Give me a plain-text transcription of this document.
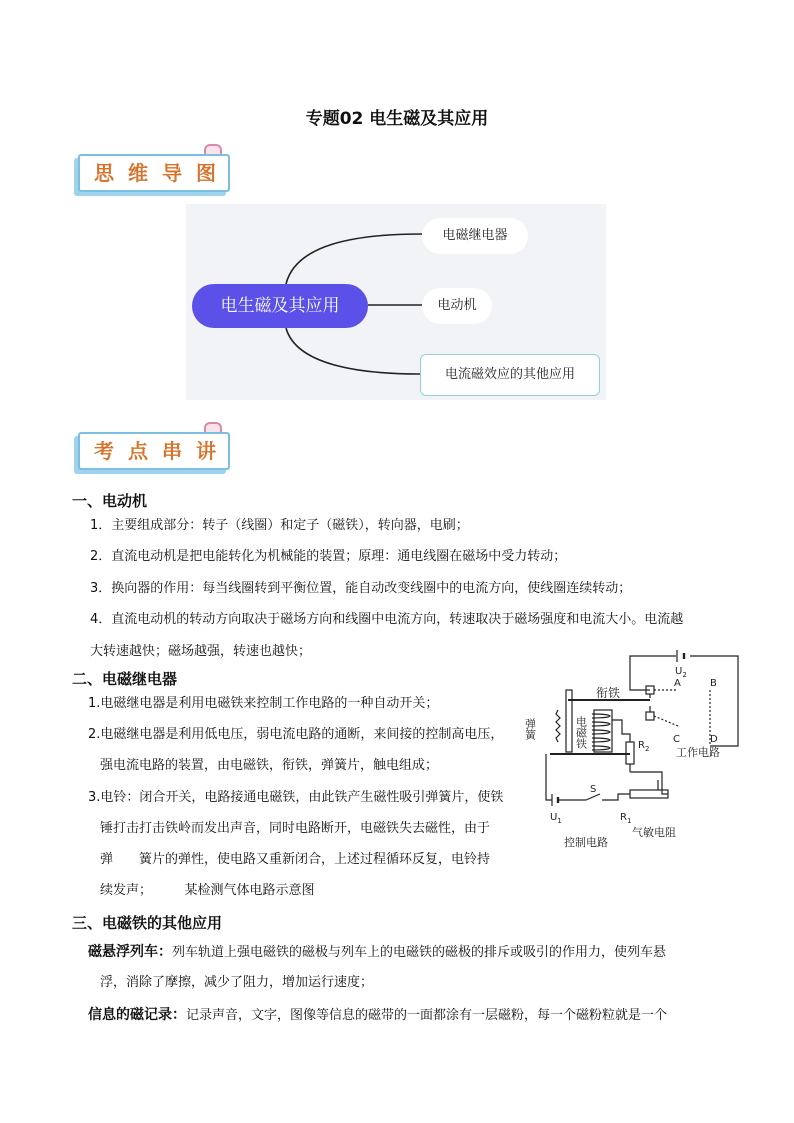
专题02 电生磁及其应用
思维导图
电生磁及其应用
电磁继电器
电动机
电流磁效应的其他应用
考点串讲
一、电动机
1．主要组成部分：转子（线圈）和定子（磁铁），转向器，电刷；
2．直流电动机是把电能转化为机械能的装置；原理：通电线圈在磁场中受力转动；
3．换向器的作用：每当线圈转到平衡位置，能自动改变线圈中的电流方向，使线圈连续转动；
4．直流电动机的转动方向取决于磁场方向和线圈中电流方向，转速取决于磁场强度和电流大小。电流越
大转速越快；磁场越强，转速也越快；
二、电磁继电器
1.电磁继电器是利用电磁铁来控制工作电路的一种自动开关；
2.电磁继电器是利用低电压，弱电流电路的通断，来间接的控制高电压，
强电流电路的装置，由电磁铁，衔铁，弹簧片，触电组成；
3.电铃：闭合开关，电路接通电磁铁，由此铁产生磁性吸引弹簧片，使铁
锤打击打击铁岭而发出声音，同时电路断开，电磁铁失去磁性，由于
弹　　簧片的弹性，使电路又重新闭合，上述过程循环反复，电铃持
续发声；　　　某检测气体电路示意图
衔铁
$U_2$
A	B
C	D
工作电路
弹簧	电磁铁	$R_2$
$U_1$
S
$R_1$
气敏电阻
控制电路
三、电磁铁的其他应用
磁悬浮列车：列车轨道上强电磁铁的磁极与列车上的电磁铁的磁极的排斥或吸引的作用力，使列车悬
浮，消除了摩擦，减少了阻力，增加运行速度；
信息的磁记录：记录声音，文字，图像等信息的磁带的一面都涂有一层磁粉，每一个磁粉粒就是一个
